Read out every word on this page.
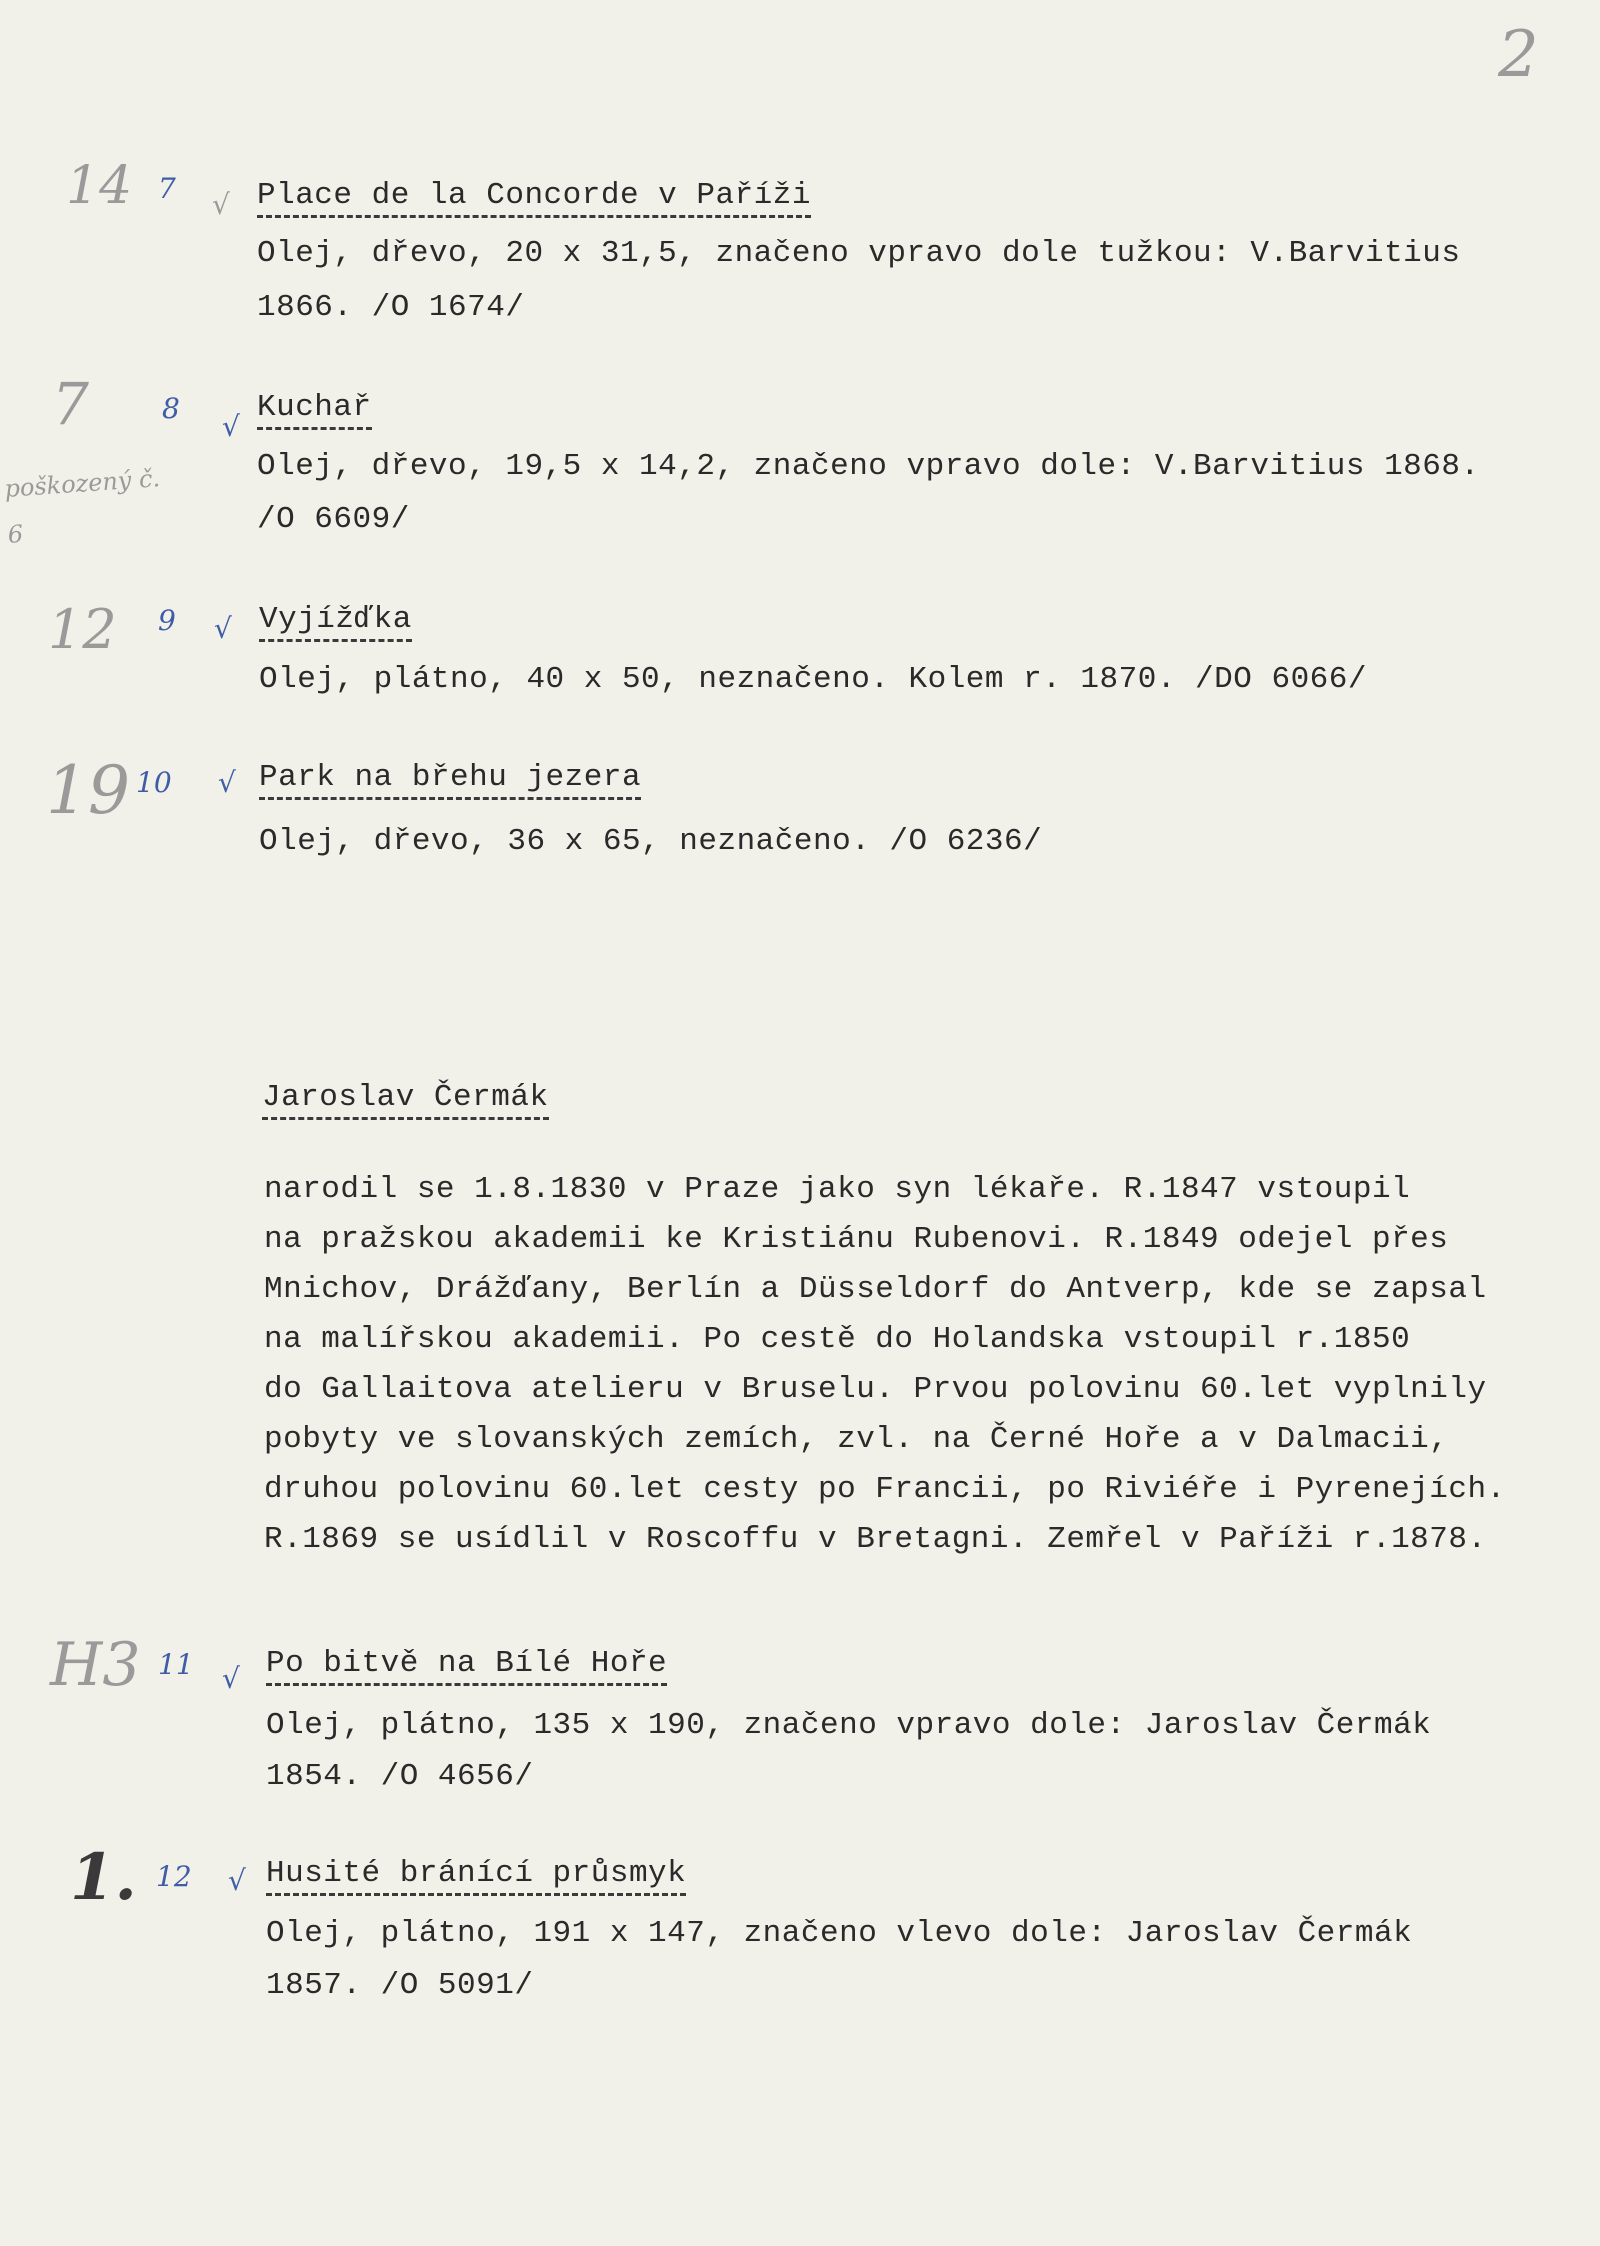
2
14 7 √ Place de la Concorde v Paříži
Olej, dřevo, 20 x 31,5, značeno vpravo dole tužkou: V.Barvitius
1866. /O 1674/
7
poškozený č. 6
8
√
Kuchař
Olej, dřevo, 19,5 x 14,2, značeno vpravo dole: V.Barvitius 1868.
/O 6609/
12 9 √ Vyjížďka
Olej, plátno, 40 x 50, neznačeno. Kolem r. 1870. /DO 6066/
19 10 √ Park na břehu jezera
Olej, dřevo, 36 x 65, neznačeno. /O 6236/
Jaroslav Čermák
narodil se 1.8.1830 v Praze jako syn lékaře. R.1847 vstoupil
na pražskou akademii ke Kristiánu Rubenovi. R.1849 odejel přes
Mnichov, Drážďany, Berlín a Düsseldorf do Antverp, kde se zapsal
na malířskou akademii. Po cestě do Holandska vstoupil r.1850
do Gallaitova atelieru v Bruselu. Prvou polovinu 60.let vyplnily
pobyty ve slovanských zemích, zvl. na Černé Hoře a v Dalmacii,
druhou polovinu 60.let cesty po Francii, po Riviéře i Pyrenejích.
R.1869 se usídlil v Roscoffu v Bretagni. Zemřel v Paříži r.1878.
H3 11 √ Po bitvě na Bílé Hoře
Olej, plátno, 135 x 190, značeno vpravo dole: Jaroslav Čermák
1854. /O 4656/
1. 12 √ Husité bránící průsmyk
Olej, plátno, 191 x 147, značeno vlevo dole: Jaroslav Čermák
1857. /O 5091/
